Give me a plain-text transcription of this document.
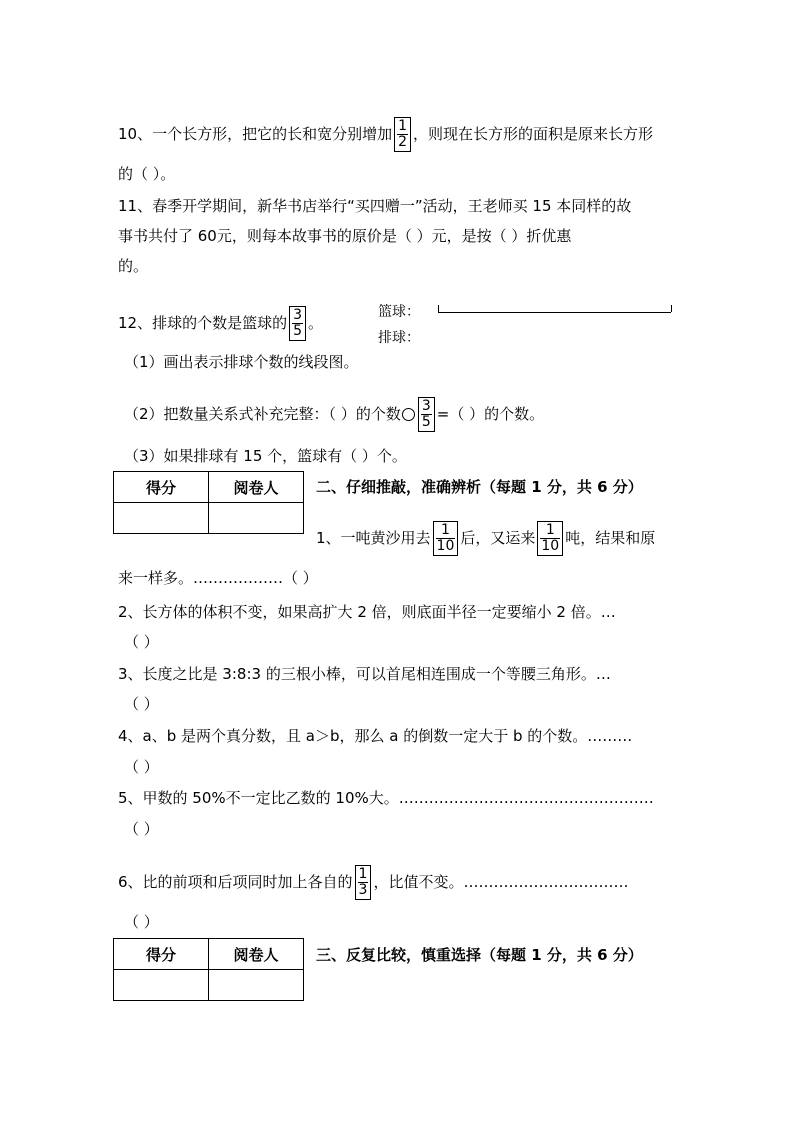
10、一个长方形，把它的长和宽分别增加 $\frac{1}{2}$ ，则现在长方形的面积是原来长方形
的（ ）。
11、春季开学期间，新华书店举行“买四赠一”活动，王老师买 15 本同样的故
事书共付了 60元，则每本故事书的原价是（ ）元，是按（ ）折优惠
的。
12、排球的个数是篮球的 $\frac{3}{5}$ 。
篮球：
排球：
（1）画出表示排球个数的线段图。
（2）把数量关系式补充完整：（ ）的个数 $\frac{3}{5}$ =（ ）的个数。
（3）如果排球有 15 个，篮球有（ ）个。
得分	阅卷人
		二、仔细推敲，准确辨析（每题 1 分，共 6 分）
1、一吨黄沙用去 $\frac{1}{10}$ 后，又运来 $\frac{1}{10}$ 吨，结果和原
来一样多。………………（ ）
2、长方体的体积不变，如果高扩大 2 倍，则底面半径一定要缩小 2 倍。…
（ ）
3、长度之比是 3:8:3 的三根小棒，可以首尾相连围成一个等腰三角形。…
（ ）
4、a、b 是两个真分数，且 a＞b，那么 a 的倒数一定大于 b 的个数。………
（ ）
5、甲数的 50%不一定比乙数的 10%大。……………………………………………
（ ）
6、比的前项和后项同时加上各自的 $\frac{1}{3}$ ，比值不变。……………………………
（ ）
得分	阅卷人
		三、反复比较，慎重选择（每题 1 分，共 6 分）
